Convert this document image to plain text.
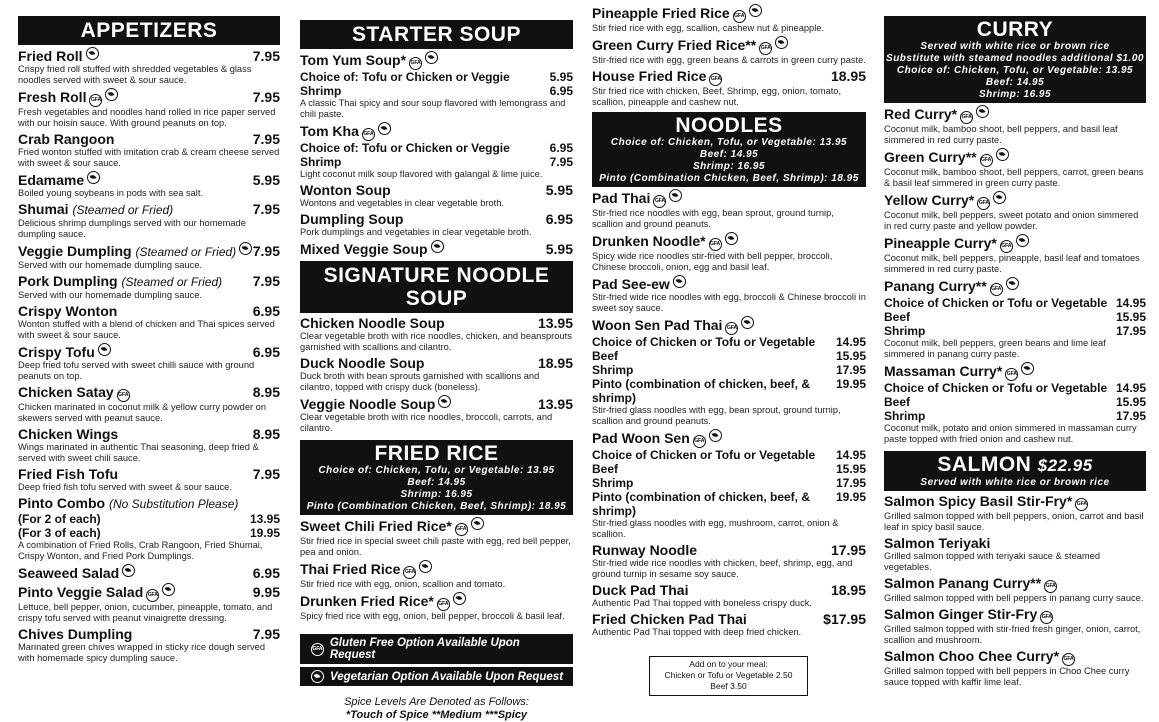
APPETIZERS
Fried Roll	7.95
Crispy fried roll stuffed with shredded vegetables & glass noodles served with sweet & sour sauce.
Fresh Roll GFA	7.95
Fresh vegetables and noodles hand rolled in rice paper served with our hoisin sauce. With ground peanuts on top.
Crab Rangoon	7.95
Fried wonton stuffed with imitation crab & cream cheese served with sweet & sour sauce.
Edamame	5.95
Boiled young soybeans in pods with sea salt.
Shumai (Steamed or Fried)	7.95
Delicious shrimp dumplings served with our homemade dumpling sauce.
Veggie Dumpling (Steamed or Fried)	7.95
Served with our homemade dumpling sauce.
Pork Dumpling (Steamed or Fried) 7.95
Served with our homemade dumpling sauce.
Crispy Wonton	6.95
Wonton stuffed with a blend of chicken and Thai spices served with sweet & sour sauce.
Crispy Tofu	6.95
Deep fried tofu served with sweet chilli sauce with ground peanuts on top.
Chicken Satay GFA	8.95
Chicken marinated in coconut milk & yellow curry powder on skewers served with peanut sauce.
Chicken Wings	8.95
Wings marinated in authentic Thai seasoning, deep fried & served with sweet chili sauce.
Fried Fish Tofu	7.95
Deep fried fish tofu served with sweet & sour sauce.
Pinto Combo (No Substitution Please)
(For 2 of each)	13.95
(For 3 of each)	19.95
A combination of Fried Rolls, Crab Rangoon, Fried Shumai, Crispy Wonton, and Fried Pork Dumplings.
Seaweed Salad	6.95
Pinto Veggie Salad GFA	9.95
Lettuce, bell pepper, onion, cucumber, pineapple, tomato, and crispy tofu served with peanut vinaigrette dressing.
Chives Dumpling	7.95
Marinated green chives wrapped in sticky rice dough served with homemade spicy dumpling sauce.
STARTER SOUP
Tom Yum Soup* GFA
Choice of: Tofu or Chicken or Veggie	5.95
Shrimp	6.95
A classic Thai spicy and sour soup flavored with lemongrass and chili paste.
Tom Kha GFA
Choice of: Tofu or Chicken or Veggie	6.95
Shrimp	7.95
Light coconut milk soup flavored with galangal & lime juice.
Wonton Soup	5.95
Wontons and vegetables in clear vegetable broth.
Dumpling Soup	6.95
Pork dumplings and vegetables in clear vegetable broth.
Mixed Veggie Soup	5.95
SIGNATURE NOODLE SOUP
Chicken Noodle Soup	13.95
Clear vegetable broth with rice noodles, chicken, and beansprouts garnished with scallions and cilantro.
Duck Noodle Soup	18.95
Duck broth with bean sprouts garnished with scallions and cilantro, topped with crispy duck (boneless).
Veggie Noodle Soup	13.95
Clear vegetable broth with rice noodles, broccoli, carrots, and cilantro.
FRIED RICE
Choice of: Chicken, Tofu, or Vegetable: 13.95
Beef: 14.95
Shrimp: 16.95
Pinto (Combination Chicken, Beef, Shrimp): 18.95
Sweet Chili Fried Rice* GFA
Stir fried rice in special sweet chili paste with egg, red bell pepper, pea and onion.
Thai Fried Rice GFA
Stir fried rice with egg, onion, scallion and tomato.
Drunken Fried Rice* GFA
Spicy fried rice with egg, onion, bell pepper, broccoli & basil leaf.
GFA Gluten Free Option Available Upon Request
Vegetarian Option Available Upon Request
Spice Levels Are Denoted as Follows:
*Touch of Spice **Medium ***Spicy
Pineapple Fried Rice GFA
Stir fried rice with egg, scallion, cashew nut & pineapple.
Green Curry Fried Rice** GFA
Stir-fried rice with egg, green beans & carrots in green curry paste.
House Fried Rice GFA	18.95
Stir fried rice with chicken, Beef, Shrimp, egg, onion, tomato, scallion, pineapple and cashew nut.
NOODLES
Choice of: Chicken, Tofu, or Vegetable: 13.95
Beef: 14.95
Shrimp: 16.95
Pinto (Combination Chicken, Beef, Shrimp): 18.95
Pad Thai GFA
Stir-fried rice noodles with egg, bean sprout, ground turnip, scallion and ground peanuts.
Drunken Noodle* GFA
Spicy wide rice noodles stir-fried with bell pepper, broccoli, Chinese broccoli, onion, egg and basil leaf.
Pad See-ew
Stir-fried wide rice noodles with egg, broccoli & Chinese broccoli in sweet soy sauce.
Woon Sen Pad Thai GFA
Choice of Chicken or Tofu or Vegetable 14.95
Beef	15.95
Shrimp	17.95
Pinto (combination of chicken, beef, & shrimp)
19.95
Stir-fried glass noodles with egg, bean sprout, ground turnip, scallion and ground peanuts.
Pad Woon Sen GFA
Choice of Chicken or Tofu or Vegetable 14.95
Beef	15.95
Shrimp	17.95
Pinto (combination of chicken, beef, & shrimp)
19.95
Stir-fried glass noodles with egg, mushroom, carrot, onion & scallion.
Runway Noodle	17.95
Stir-fried wide rice noodles with chicken, beef, shrimp, egg, and ground turnip in sesame soy sauce.
Duck Pad Thai	18.95
Authentic Pad Thai topped with boneless crispy duck.
Fried Chicken Pad Thai	$17.95
Authentic Pad Thai topped with deep fried chicken.
Add on to your meal:
Chicken or Tofu or Vegetable 2.50
Beef 3.50
CURRY
Served with white rice or brown rice
Substitute with steamed noodles additional $1.00
Choice of: Chicken, Tofu, or Vegetable: 13.95
Beef: 14.95
Shrimp: 16.95
Red Curry* GFA
Coconut milk, bamboo shoot, bell peppers, and basil leaf simmered in red curry paste.
Green Curry** GFA
Coconut milk, bamboo shoot, bell peppers, carrot, green beans & basil leaf simmered in green curry paste.
Yellow Curry* GFA
Coconut milk, bell peppers, sweet potato and onion simmered in red curry paste and yellow powder.
Pineapple Curry* GFA
Coconut milk, bell peppers, pineapple, basil leaf and tomatoes simmered in red curry paste.
Panang Curry** GFA
Choice of Chicken or Tofu or Vegetable 14.95
Beef	15.95
Shrimp	17.95
Coconut milk, bell peppers, green beans and lime leaf simmered in panang curry paste.
Massaman Curry* GFA
Choice of Chicken or Tofu or Vegetable 14.95
Beef	15.95
Shrimp	17.95
Coconut milk, potato and onion simmered in massaman curry paste topped with fried onion and cashew nut.
SALMON $22.95
Served with white rice or brown rice
Salmon Spicy Basil Stir-Fry* GFA
Grilled salmon topped with bell peppers, onion, carrot and basil leaf in spicy basil sauce.
Salmon Teriyaki
Grilled salmon topped with teriyaki sauce & steamed vegetables.
Salmon Panang Curry** GFA
Grilled salmon topped with bell peppers in panang curry sauce.
Salmon Ginger Stir-Fry GFA
Grilled salmon topped with stir-fried fresh ginger, onion, carrot, scallion and mushroom.
Salmon Choo Chee Curry* GFA
Grilled salmon topped with bell peppers in Choo Chee curry sauce topped with kaffir lime leaf.
